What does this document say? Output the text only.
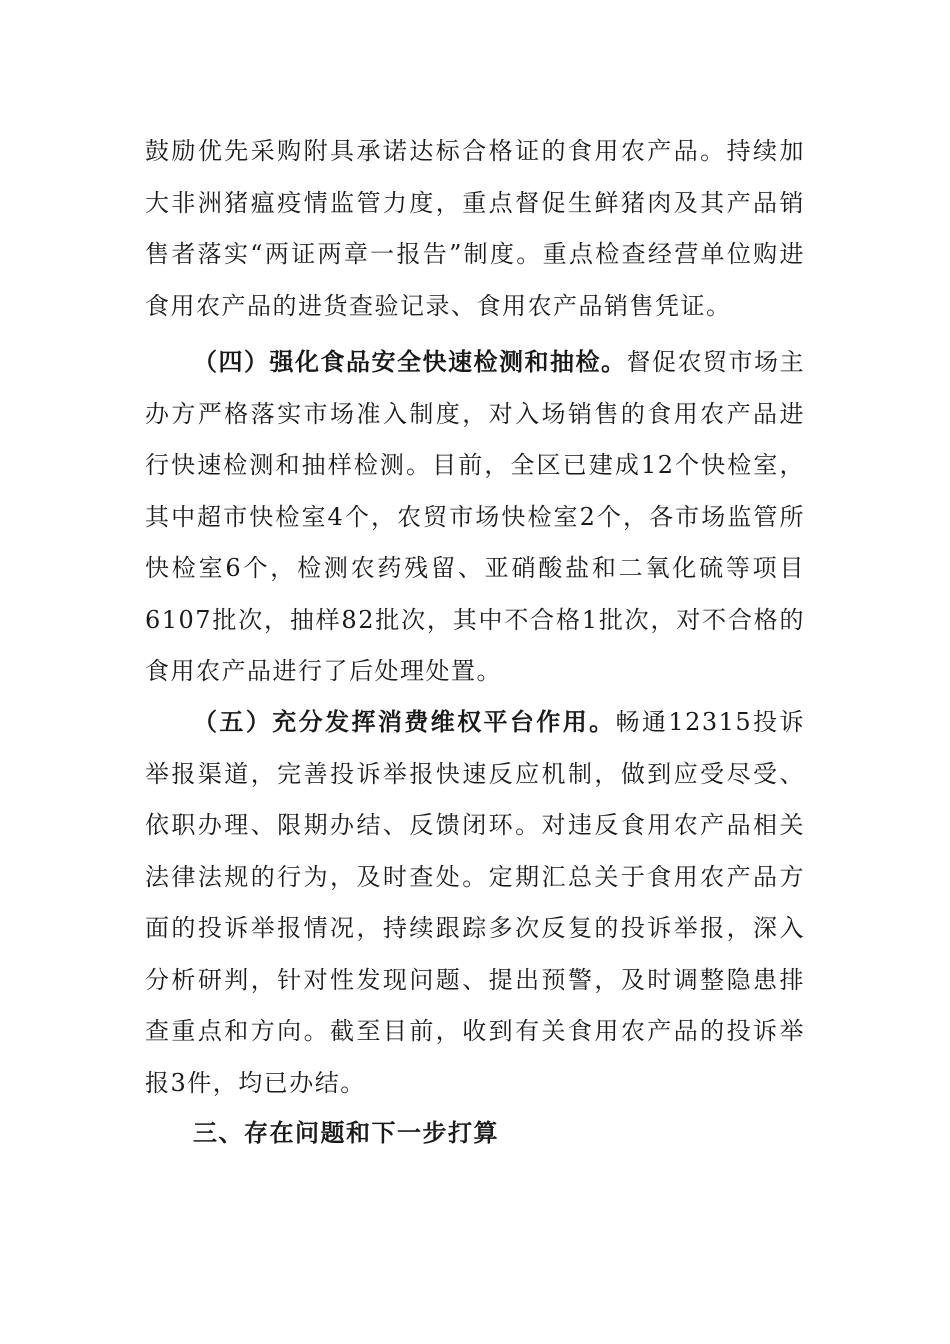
鼓励优先采购附具承诺达标合格证的食用农产品。持续加大非洲猪瘟疫情监管力度，重点督促生鲜猪肉及其产品销售者落实“两证两章一报告”制度。重点检查经营单位购进食用农产品的进货查验记录、食用农产品销售凭证。

（四）强化食品安全快速检测和抽检。督促农贸市场主办方严格落实市场准入制度，对入场销售的食用农产品进行快速检测和抽样检测。目前，全区已建成12个快检室，其中超市快检室4个，农贸市场快检室2个，各市场监管所快检室6个，检测农药残留、亚硝酸盐和二氧化硫等项目6107批次，抽样82批次，其中不合格1批次，对不合格的食用农产品进行了后处理处置。

（五）充分发挥消费维权平台作用。畅通12315投诉举报渠道，完善投诉举报快速反应机制，做到应受尽受、依职办理、限期办结、反馈闭环。对违反食用农产品相关法律法规的行为，及时查处。定期汇总关于食用农产品方面的投诉举报情况，持续跟踪多次反复的投诉举报，深入分析研判，针对性发现问题、提出预警，及时调整隐患排查重点和方向。截至目前，收到有关食用农产品的投诉举报3件，均已办结。

三、存在问题和下一步打算
